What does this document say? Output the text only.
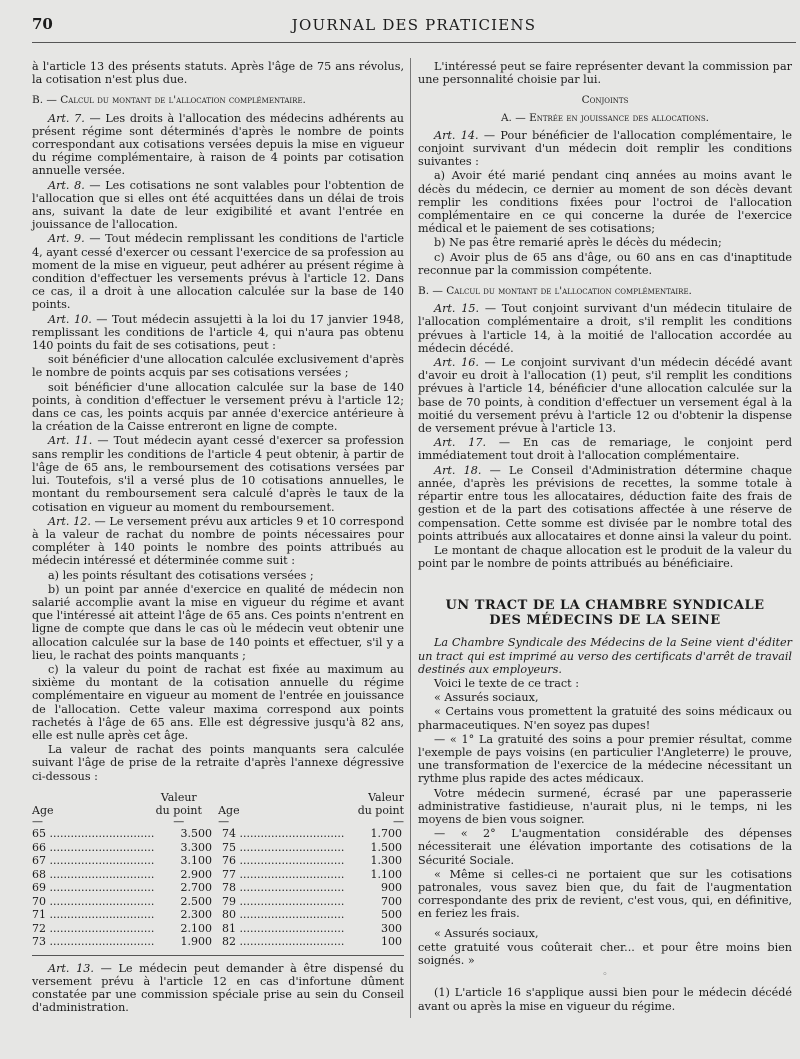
70	JOURNAL DES PRATICIENS

à l'article 13 des présents statuts. Après l'âge de 75 ans révolus, la cotisation n'est plus due.

B. — Calcul du montant de l'allocation complémentaire.

Art. 7. — Les droits à l'allocation des médecins adhérents au présent régime sont déterminés d'après le nombre de points correspondant aux cotisations versées depuis la mise en vigueur du régime complémentaire, à raison de 4 points par cotisation annuelle versée.

Art. 8. — Les cotisations ne sont valables pour l'obtention de l'allocation que si elles ont été acquittées dans un délai de trois ans, suivant la date de leur exigibilité et avant l'entrée en jouissance de l'allocation.

Art. 9. — Tout médecin remplissant les conditions de l'article 4, ayant cessé d'exercer ou cessant l'exercice de sa profession au moment de la mise en vigueur, peut adhérer au présent régime à condition d'effectuer les versements prévus à l'article 12. Dans ce cas, il a droit à une allocation calculée sur la base de 140 points.

Art. 10. — Tout médecin assujetti à la loi du 17 janvier 1948, remplissant les conditions de l'article 4, qui n'aura pas obtenu 140 points du fait de ses cotisations, peut :

soit bénéficier d'une allocation calculée exclusivement d'après le nombre de points acquis par ses cotisations versées ;

soit bénéficier d'une allocation calculée sur la base de 140 points, à condition d'effectuer le versement prévu à l'article 12; dans ce cas, les points acquis par année d'exercice antérieure à la création de la Caisse entreront en ligne de compte.

Art. 11. — Tout médecin ayant cessé d'exercer sa profession sans remplir les conditions de l'article 4 peut obtenir, à partir de l'âge de 65 ans, le remboursement des cotisations versées par lui. Toutefois, s'il a versé plus de 10 cotisations annuelles, le montant du remboursement sera calculé d'après le taux de la cotisation en vigueur au moment du remboursement.

Art. 12. — Le versement prévu aux articles 9 et 10 correspond à la valeur de rachat du nombre de points nécessaires pour compléter à 140 points le nombre des points attribués au médecin intéressé et déterminée comme suit :

a) les points résultant des cotisations versées ;

b) un point par année d'exercice en qualité de médecin non salarié accomplie avant la mise en vigueur du régime et avant que l'intéressé ait atteint l'âge de 65 ans. Ces points n'entrent en ligne de compte que dans le cas où le médecin veut obtenir une allocation calculée sur la base de 140 points et effectuer, s'il y a lieu, le rachat des points manquants ;

c) la valeur du point de rachat est fixée au maximum au sixième du montant de la cotisation annuelle du régime complémentaire en vigueur au moment de l'entrée en jouissance de l'allocation. Cette valeur maxima correspond aux points rachetés à l'âge de 65 ans. Elle est dégressive jusqu'à 82 ans, elle est nulle après cet âge.

La valeur de rachat des points manquants sera calculée suivant l'âge de prise de la retraite d'après l'annexe dégressive ci-dessous :

Age
Valeur
du point	Age
Valeur
du point
—	—	—	—
65 ..............................	3.500 74 ..............................	1.700
66 ..............................	3.300 75 ..............................	1.500
67 ..............................	3.100 76 ..............................	1.300
68 ..............................	2.900 77 ..............................	1.100
69 ..............................	2.700 78 ..............................	900
70 ..............................	2.500 79 ..............................	700
71 ..............................	2.300 80 ..............................	500
72 ..............................	2.100 81 ..............................	300
73 ..............................	1.900 82 ..............................	100

Art. 13. — Le médecin peut demander à être dispensé du versement prévu à l'article 12 en cas d'infortune dûment constatée par une commission spéciale prise au sein du Conseil d'administration.

L'intéressé peut se faire représenter devant la commission par une personnalité choisie par lui.

Conjoints

A. — Entrée en jouissance des allocations.

Art. 14. — Pour bénéficier de l'allocation complémentaire, le conjoint survivant d'un médecin doit remplir les conditions suivantes :

a) Avoir été marié pendant cinq années au moins avant le décès du médecin, ce dernier au moment de son décès devant remplir les conditions fixées pour l'octroi de l'allocation complémentaire en ce qui concerne la durée de l'exercice médical et le paiement de ses cotisations;

b) Ne pas être remarié après le décès du médecin;

c) Avoir plus de 65 ans d'âge, ou 60 ans en cas d'inaptitude reconnue par la commission compétente.

B. — Calcul du montant de l'allocation complémentaire.

Art. 15. — Tout conjoint survivant d'un médecin titulaire de l'allocation complémentaire a droit, s'il remplit les conditions prévues à l'article 14, à la moitié de l'allocation accordée au médecin décédé.

Art. 16. — Le conjoint survivant d'un médecin décédé avant d'avoir eu droit à l'allocation (1) peut, s'il remplit les conditions prévues à l'article 14, bénéficier d'une allocation calculée sur la base de 70 points, à condition d'effectuer un versement égal à la moitié du versement prévu à l'article 12 ou d'obtenir la dispense de versement prévue à l'article 13.

Art. 17. — En cas de remariage, le conjoint perd immédiatement tout droit à l'allocation complémentaire.

Art. 18. — Le Conseil d'Administration détermine chaque année, d'après les prévisions de recettes, la somme totale à répartir entre tous les allocataires, déduction faite des frais de gestion et de la part des cotisations affectée à une réserve de compensation. Cette somme est divisée par le nombre total des points attribués aux allocataires et donne ainsi la valeur du point.

Le montant de chaque allocation est le produit de la valeur du point par le nombre de points attribués au bénéficiaire.

UN TRACT DE LA CHAMBRE SYNDICALE
DES MÉDECINS DE LA SEINE

La Chambre Syndicale des Médecins de la Seine vient d'éditer un tract qui est imprimé au verso des certificats d'arrêt de travail destinés aux employeurs.

Voici le texte de ce tract :

« Assurés sociaux,

« Certains vous promettent la gratuité des soins médicaux ou pharmaceutiques. N'en soyez pas dupes!

— « 1° La gratuité des soins a pour premier résultat, comme l'exemple de pays voisins (en particulier l'Angleterre) le prouve, une transformation de l'exercice de la médecine nécessitant un rythme plus rapide des actes médicaux.

Votre médecin surmené, écrasé par une paperasserie administrative fastidieuse, n'aurait plus, ni le temps, ni les moyens de bien vous soigner.

— « 2° L'augmentation considérable des dépenses nécessiterait une élévation importante des cotisations de la Sécurité Sociale.

« Même si celles-ci ne portaient que sur les cotisations patronales, vous savez bien que, du fait de l'augmentation correspondante des prix de revient, c'est vous, qui, en définitive, en feriez les frais.

« Assurés sociaux,

cette gratuité vous coûterait cher... et pour être moins bien soignés. »

◦

(1) L'article 16 s'applique aussi bien pour le médecin décédé avant ou après la mise en vigueur du régime.
